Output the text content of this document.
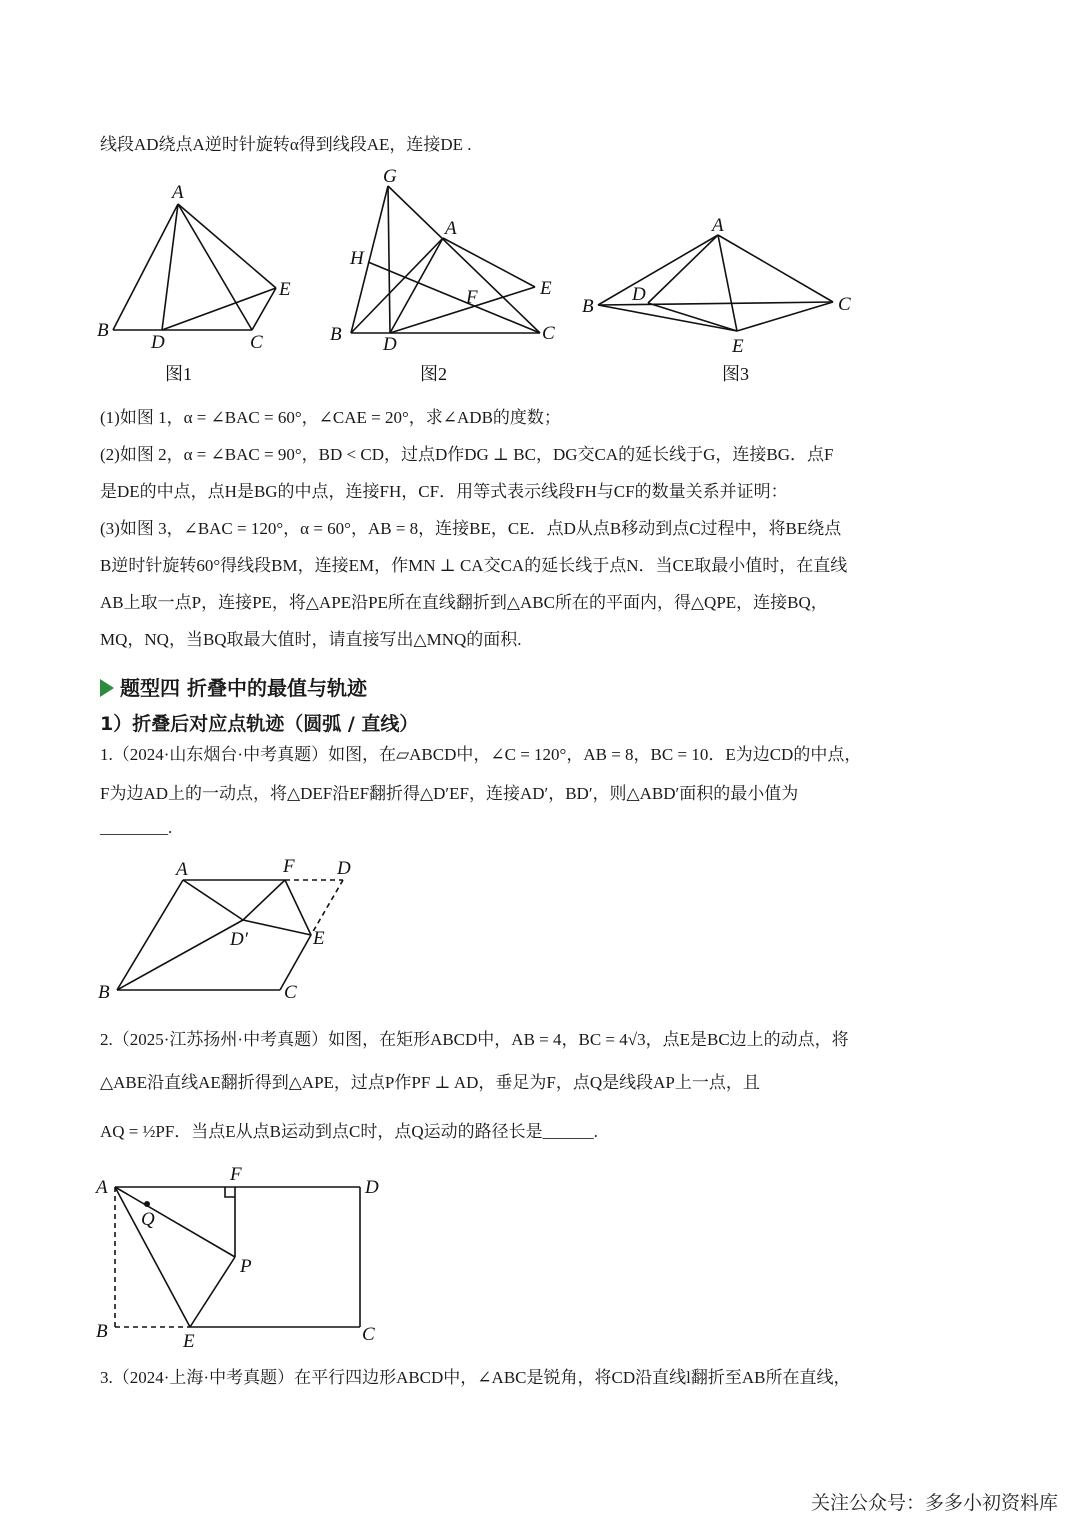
线段AD绕点A逆时针旋转α得到线段AE，连接DE .
A
B
D	C
E
图1
G
A
H
E
F
B D
C
图2
A
B
D	C
E
图3
A	F D
D′	E
B	C
A
F
D
Q
P
B	E	C
(1)如图 1，α = ∠BAC = 60°，∠CAE = 20°，求∠ADB的度数；
(2)如图 2，α = ∠BAC = 90°，BD < CD，过点D作DG ⊥ BC，DG交CA的延长线于G，连接BG．点F
是DE的中点，点H是BG的中点，连接FH，CF．用等式表示线段FH与CF的数量关系并证明：
(3)如图 3，∠BAC = 120°，α = 60°，AB = 8，连接BE，CE．点D从点B移动到点C过程中，将BE绕点
B逆时针旋转60°得线段BM，连接EM，作MN ⊥ CA交CA的延长线于点N．当CE取最小值时，在直线
AB上取一点P，连接PE，将△APE沿PE所在直线翻折到△ABC所在的平面内，得△QPE，连接BQ，
MQ，NQ，当BQ取最大值时，请直接写出△MNQ的面积.
题型四 折叠中的最值与轨迹
1）折叠后对应点轨迹（圆弧 / 直线）
1.（2024·山东烟台·中考真题）如图，在▱ABCD中，∠C = 120°，AB = 8，BC = 10．E为边CD的中点，
F为边AD上的一动点，将△DEF沿EF翻折得△D′EF，连接AD′，BD′，则△ABD′面积的最小值为
________.
2.（2025·江苏扬州·中考真题）如图，在矩形ABCD中，AB = 4，BC = 4√3，点E是BC边上的动点，将
△ABE沿直线AE翻折得到△APE，过点P作PF ⊥ AD，垂足为F，点Q是线段AP上一点，且
AQ = ½PF．当点E从点B运动到点C时，点Q运动的路径长是______.
3.（2024·上海·中考真题）在平行四边形ABCD中，∠ABC是锐角，将CD沿直线l翻折至AB所在直线，
关注公众号：多多小初资料库
